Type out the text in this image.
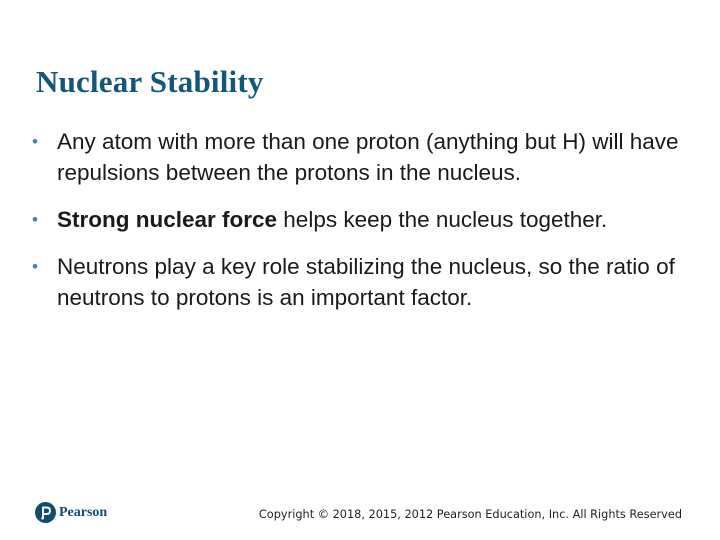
Nuclear Stability
• Any atom with more than one proton (anything but H) will have repulsions between the protons in the nucleus.
• Strong nuclear force helps keep the nucleus together.
• Neutrons play a key role stabilizing the nucleus, so the ratio of neutrons to protons is an important factor.
Pearson	Copyright © 2018, 2015, 2012 Pearson Education, Inc. All Rights Reserved
